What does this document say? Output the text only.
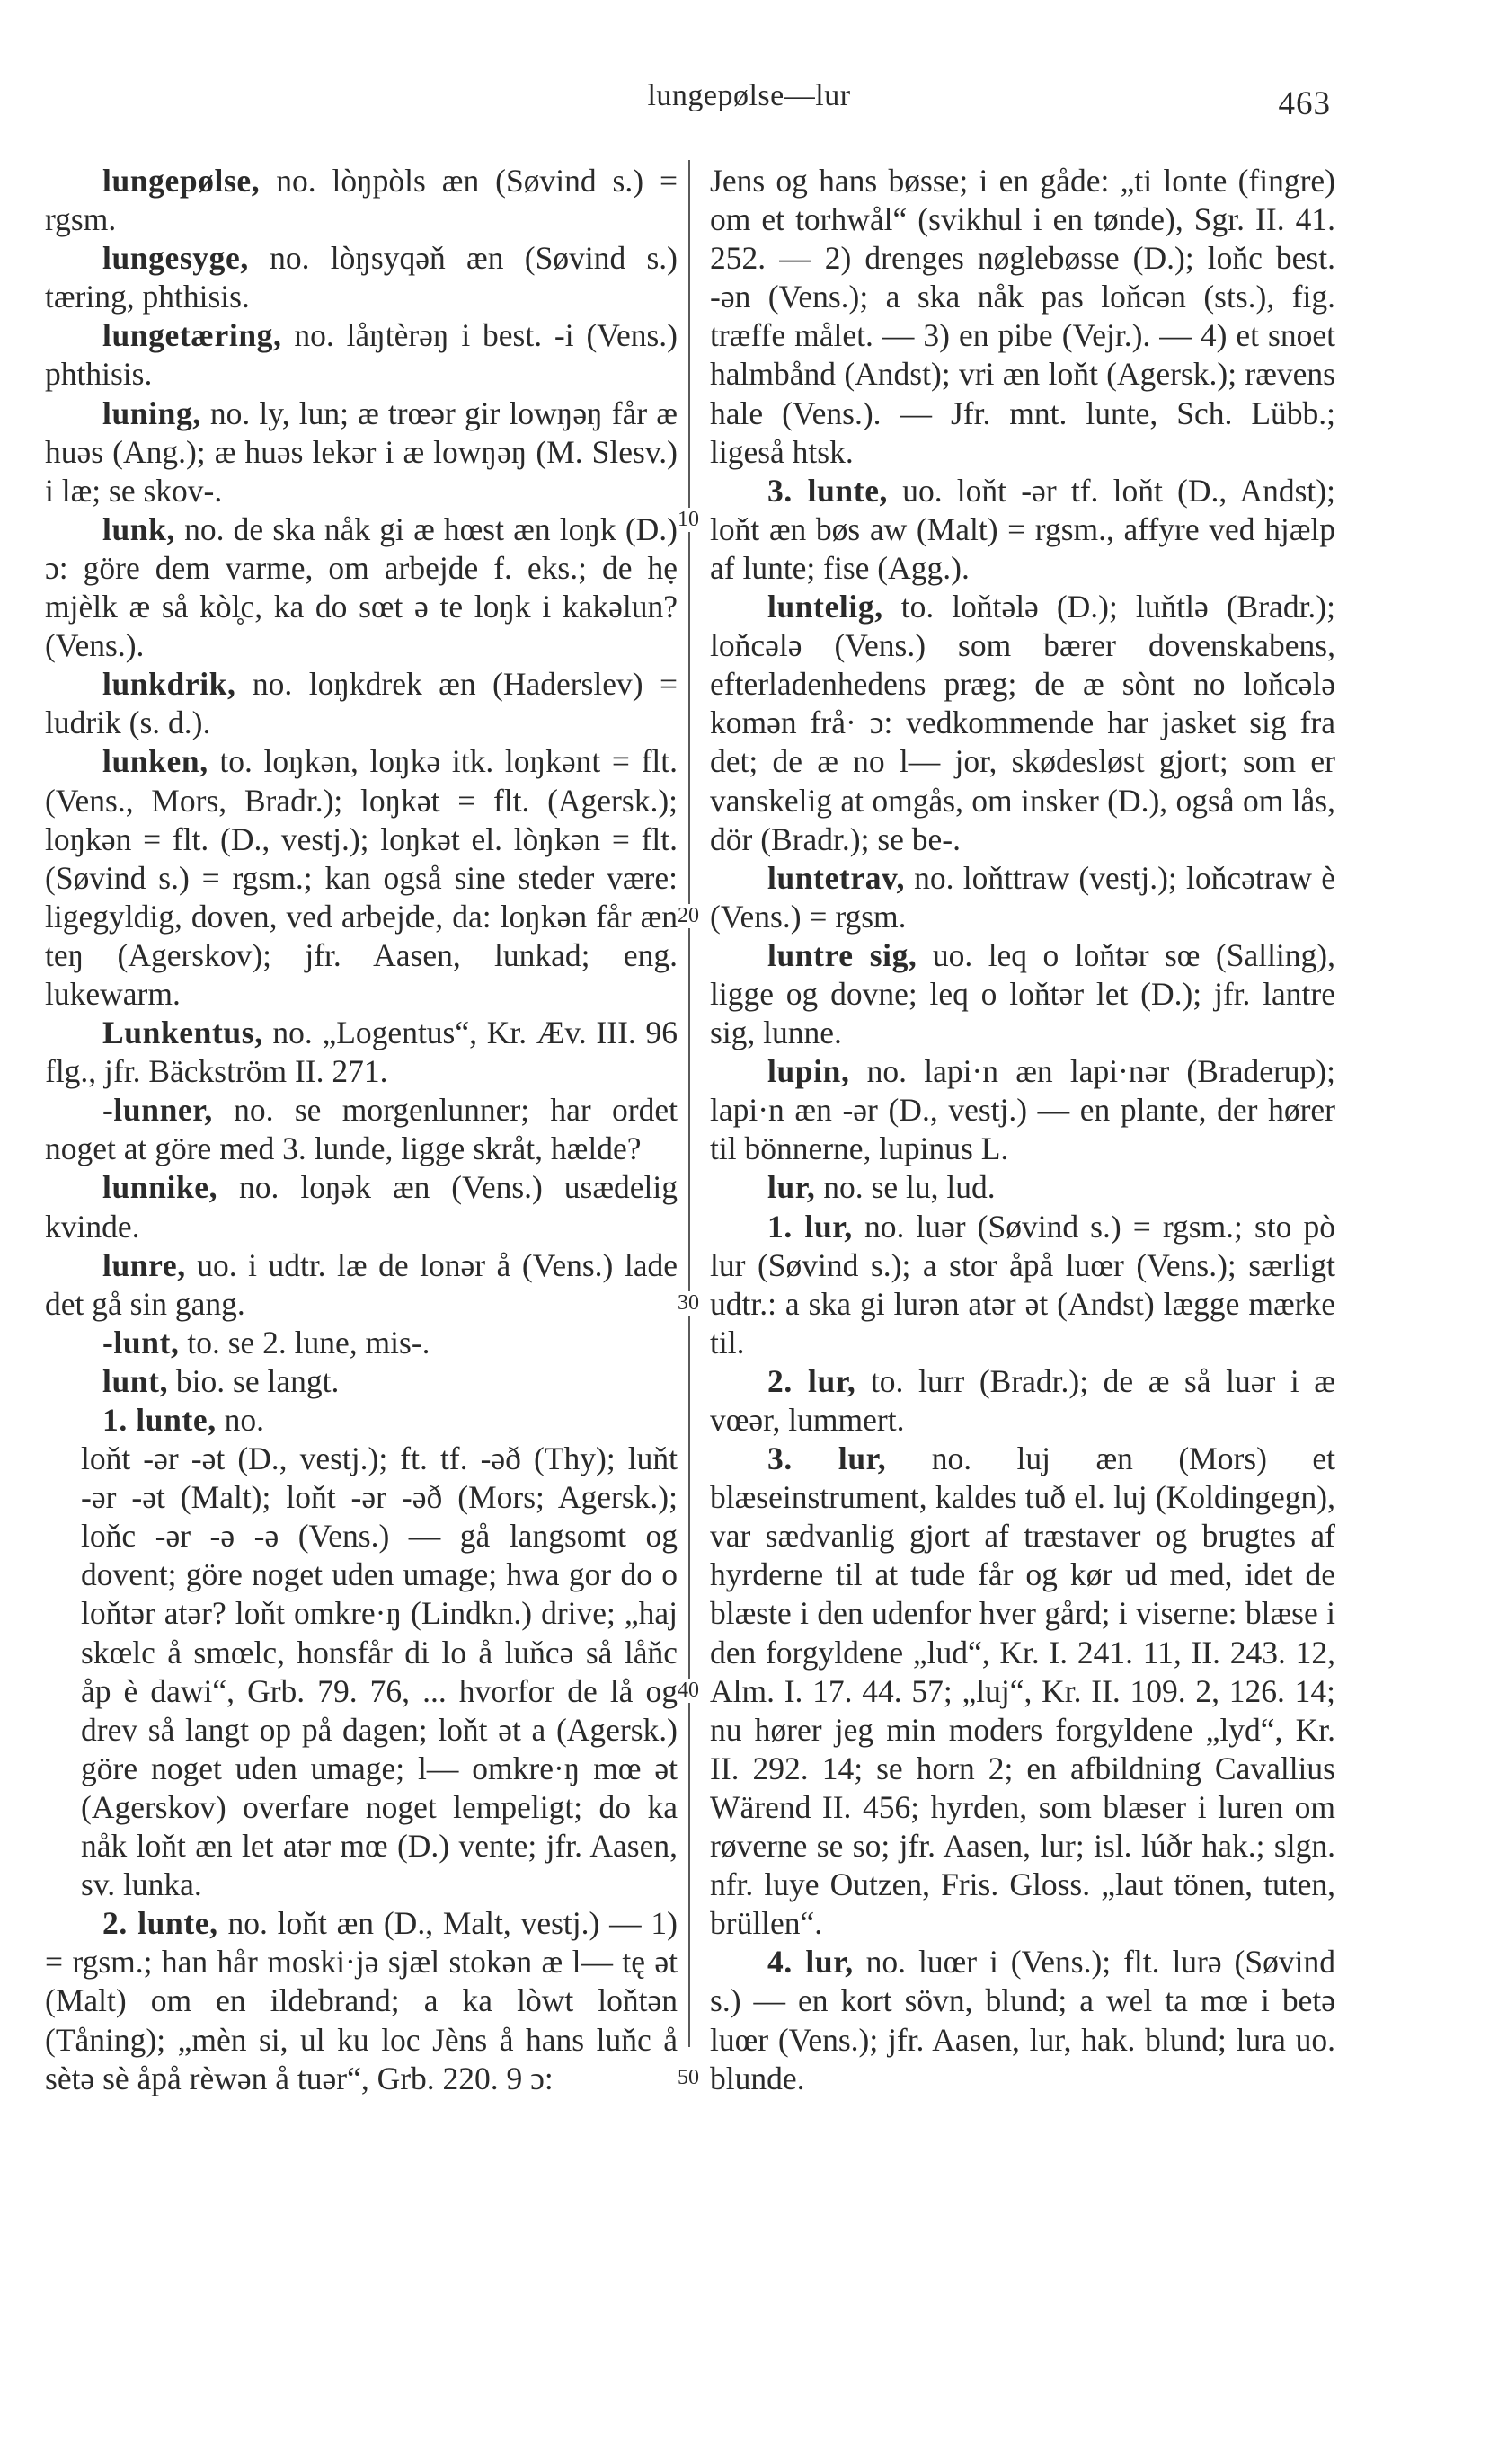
lungepølse—lur	463
10
20
30
40
50

lungepølse, no. lòŋpòls æn (Søvind s.) = rgsm.

lungesyge, no. lòŋsyqəň æn (Søvind s.) tæring, phthisis.

lungetæring, no. låŋtèrəŋ i best. -i (Vens.) phthisis.

luning, no. ly, lun; æ trœər gir lowŋəŋ får æ huəs (Ang.); æ huəs lekər i æ lowŋəŋ (M. Slesv.) i læ; se skov-.

lunk, no. de ska nåk gi æ hœst æn loŋk (D.) ɔ: göre dem varme, om arbejde f. eks.; de hẹ mjèlk æ så kòl̥c, ka do sœt ə te loŋk i kakəlun? (Vens.).

lunkdrik, no. loŋkdrek æn (Haderslev) = ludrik (s. d.).

lunken, to. loŋkən, loŋkə itk. loŋkənt = flt. (Vens., Mors, Bradr.); loŋkət = flt. (Agersk.); loŋkən = flt. (D., vestj.); loŋkət el. lòŋkən = flt. (Søvind s.) = rgsm.; kan også sine steder være: ligegyldig, doven, ved arbejde, da: loŋkən får æn teŋ (Agerskov); jfr. Aasen, lunkad; eng. lukewarm.

Lunkentus, no. „Logentus“, Kr. Æv. III. 96 flg., jfr. Bäckström II. 271.

-lunner, no. se morgenlunner; har ordet noget at göre med 3. lunde, ligge skråt, hælde?

lunnike, no. loŋək æn (Vens.) usædelig kvinde.

lunre, uo. i udtr. læ de lonər å (Vens.) lade det gå sin gang.

-lunt, to. se 2. lune, mis-.

lunt, bio. se langt.

1. lunte, no.

loňt -ər -ət (D., vestj.); ft. tf. -əð (Thy); luňt -ər -ət (Malt); loňt -ər -əð (Mors; Agersk.); loňc -ər -ə -ə (Vens.) — gå langsomt og dovent; göre noget uden umage; hwa gor do o loňtər atər? loňt omkre·ŋ (Lindkn.) drive; „haj skœlc å smœlc, honsfår di lo å luňcə så låňc åp è dawi“, Grb. 79. 76, ... hvorfor de lå og drev så langt op på dagen; loňt ət a (Agersk.) göre noget uden umage; l— omkre·ŋ mœ ət (Agerskov) overfare noget lempeligt; do ka nåk loňt æn let atər mœ (D.) vente; jfr. Aasen, sv. lunka.

2. lunte, no. loňt æn (D., Malt, vestj.) — 1) = rgsm.; han hår moski·jə sjæl stokən æ l— tę ət (Malt) om en ildebrand; a ka lòwt loňtən (Tåning); „mèn si, ul ku loc Jèns å hans luňc å sètə sè åpå rèwən å tuər“, Grb. 220. 9 ɔ:

Jens og hans bøsse; i en gåde: „ti lonte (fingre) om et torhwål“ (svikhul i en tønde), Sgr. II. 41. 252. — 2) drenges nøglebøsse (D.); loňc best. -ən (Vens.); a ska nåk pas loňcən (sts.), fig. træffe målet. — 3) en pibe (Vejr.). — 4) et snoet halmbånd (Andst); vri æn loňt (Agersk.); rævens hale (Vens.). — Jfr. mnt. lunte, Sch. Lübb.; ligeså htsk.

3. lunte, uo. loňt -ər tf. loňt (D., Andst); loňt æn bøs aw (Malt) = rgsm., affyre ved hjælp af lunte; fise (Agg.).

luntelig, to. loňtələ (D.); luňtlə (Bradr.); loňcələ (Vens.) som bærer dovenskabens, efterladenhedens præg; de æ sònt no loňcələ komən frå· ɔ: vedkommende har jasket sig fra det; de æ no l— jor, skødesløst gjort; som er vanskelig at omgås, om insker (D.), også om lås, dör (Bradr.); se be-.

luntetrav, no. loňttraw (vestj.); loňcətraw è (Vens.) = rgsm.

luntre sig, uo. leq o loňtər sœ (Salling), ligge og dovne; leq o loňtər let (D.); jfr. lantre sig, lunne.

lupin, no. lapi·n æn lapi·nər (Braderup); lapi·n æn -ər (D., vestj.) — en plante, der hører til bönnerne, lupinus L.

lur, no. se lu, lud.

1. lur, no. luər (Søvind s.) = rgsm.; sto pò lur (Søvind s.); a stor åpå luœr (Vens.); særligt udtr.: a ska gi lurən atər ət (Andst) lægge mærke til.

2. lur, to. lurr (Bradr.); de æ så luər i æ vœər, lummert.

3. lur, no. luj æn (Mors) et blæseinstrument, kaldes tuð el. luj (Koldingegn), var sædvanlig gjort af træstaver og brugtes af hyrderne til at tude får og kør ud med, idet de blæste i den udenfor hver gård; i viserne: blæse i den forgyldene „lud“, Kr. I. 241. 11, II. 243. 12, Alm. I. 17. 44. 57; „luj“, Kr. II. 109. 2, 126. 14; nu hører jeg min moders forgyldene „lyd“, Kr. II. 292. 14; se horn 2; en afbildning Cavallius Wärend II. 456; hyrden, som blæser i luren om røverne se so; jfr. Aasen, lur; isl. lúðr hak.; slgn. nfr. luye Outzen, Fris. Gloss. „laut tönen, tuten, brüllen“.

4. lur, no. luœr i (Vens.); flt. lurə (Søvind s.) — en kort sövn, blund; a wel ta mœ i betə luœr (Vens.); jfr. Aasen, lur, hak. blund; lura uo. blunde.
